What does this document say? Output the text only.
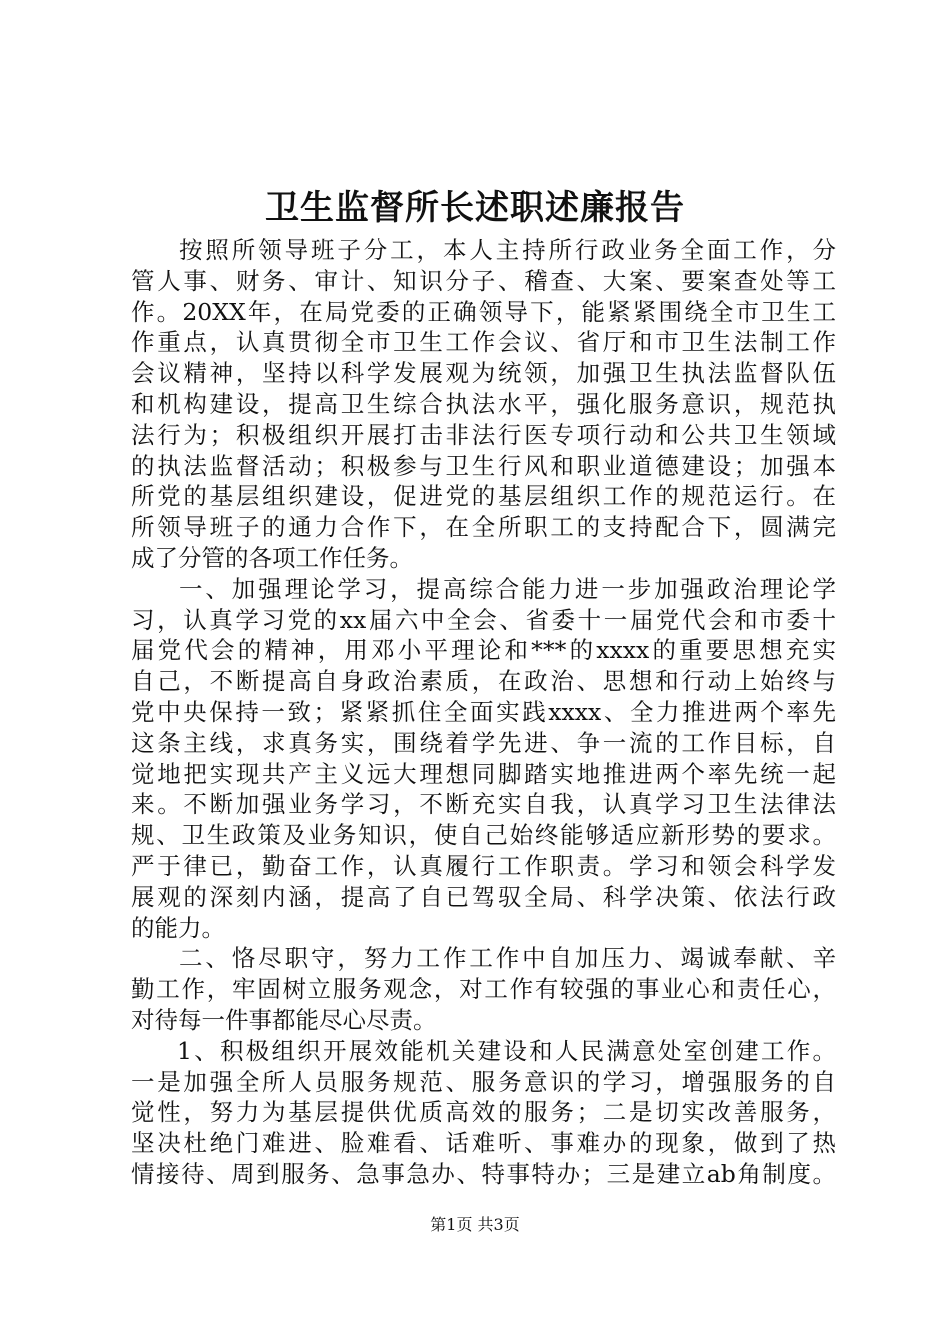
卫生监督所长述职述廉报告
按照所领导班子分工，本人主持所行政业务全面工作，分
管人事、财务、审计、知识分子、稽查、大案、要案查处等工
作。20XX年，在局党委的正确领导下，能紧紧围绕全市卫生工
作重点，认真贯彻全市卫生工作会议、省厅和市卫生法制工作
会议精神，坚持以科学发展观为统领，加强卫生执法监督队伍
和机构建设，提高卫生综合执法水平，强化服务意识，规范执
法行为；积极组织开展打击非法行医专项行动和公共卫生领域
的执法监督活动；积极参与卫生行风和职业道德建设；加强本
所党的基层组织建设，促进党的基层组织工作的规范运行。在
所领导班子的通力合作下，在全所职工的支持配合下，圆满完
成了分管的各项工作任务。
一、加强理论学习，提高综合能力进一步加强政治理论学
习，认真学习党的xx届六中全会、省委十一届党代会和市委十
届党代会的精神，用邓小平理论和***的xxxx的重要思想充实
自己，不断提高自身政治素质，在政治、思想和行动上始终与
党中央保持一致；紧紧抓住全面实践xxxx、全力推进两个率先
这条主线，求真务实，围绕着学先进、争一流的工作目标，自
觉地把实现共产主义远大理想同脚踏实地推进两个率先统一起
来。不断加强业务学习，不断充实自我，认真学习卫生法律法
规、卫生政策及业务知识，使自己始终能够适应新形势的要求。
严于律已，勤奋工作，认真履行工作职责。学习和领会科学发
展观的深刻内涵，提高了自已驾驭全局、科学决策、依法行政
的能力。
二、恪尽职守，努力工作工作中自加压力、竭诚奉献、辛
勤工作，牢固树立服务观念，对工作有较强的事业心和责任心，
对待每一件事都能尽心尽责。
1、积极组织开展效能机关建设和人民满意处室创建工作。
一是加强全所人员服务规范、服务意识的学习，增强服务的自
觉性，努力为基层提供优质高效的服务；二是切实改善服务，
坚决杜绝门难进、脸难看、话难听、事难办的现象，做到了热
情接待、周到服务、急事急办、特事特办；三是建立ab角制度。
第1页 共3页
